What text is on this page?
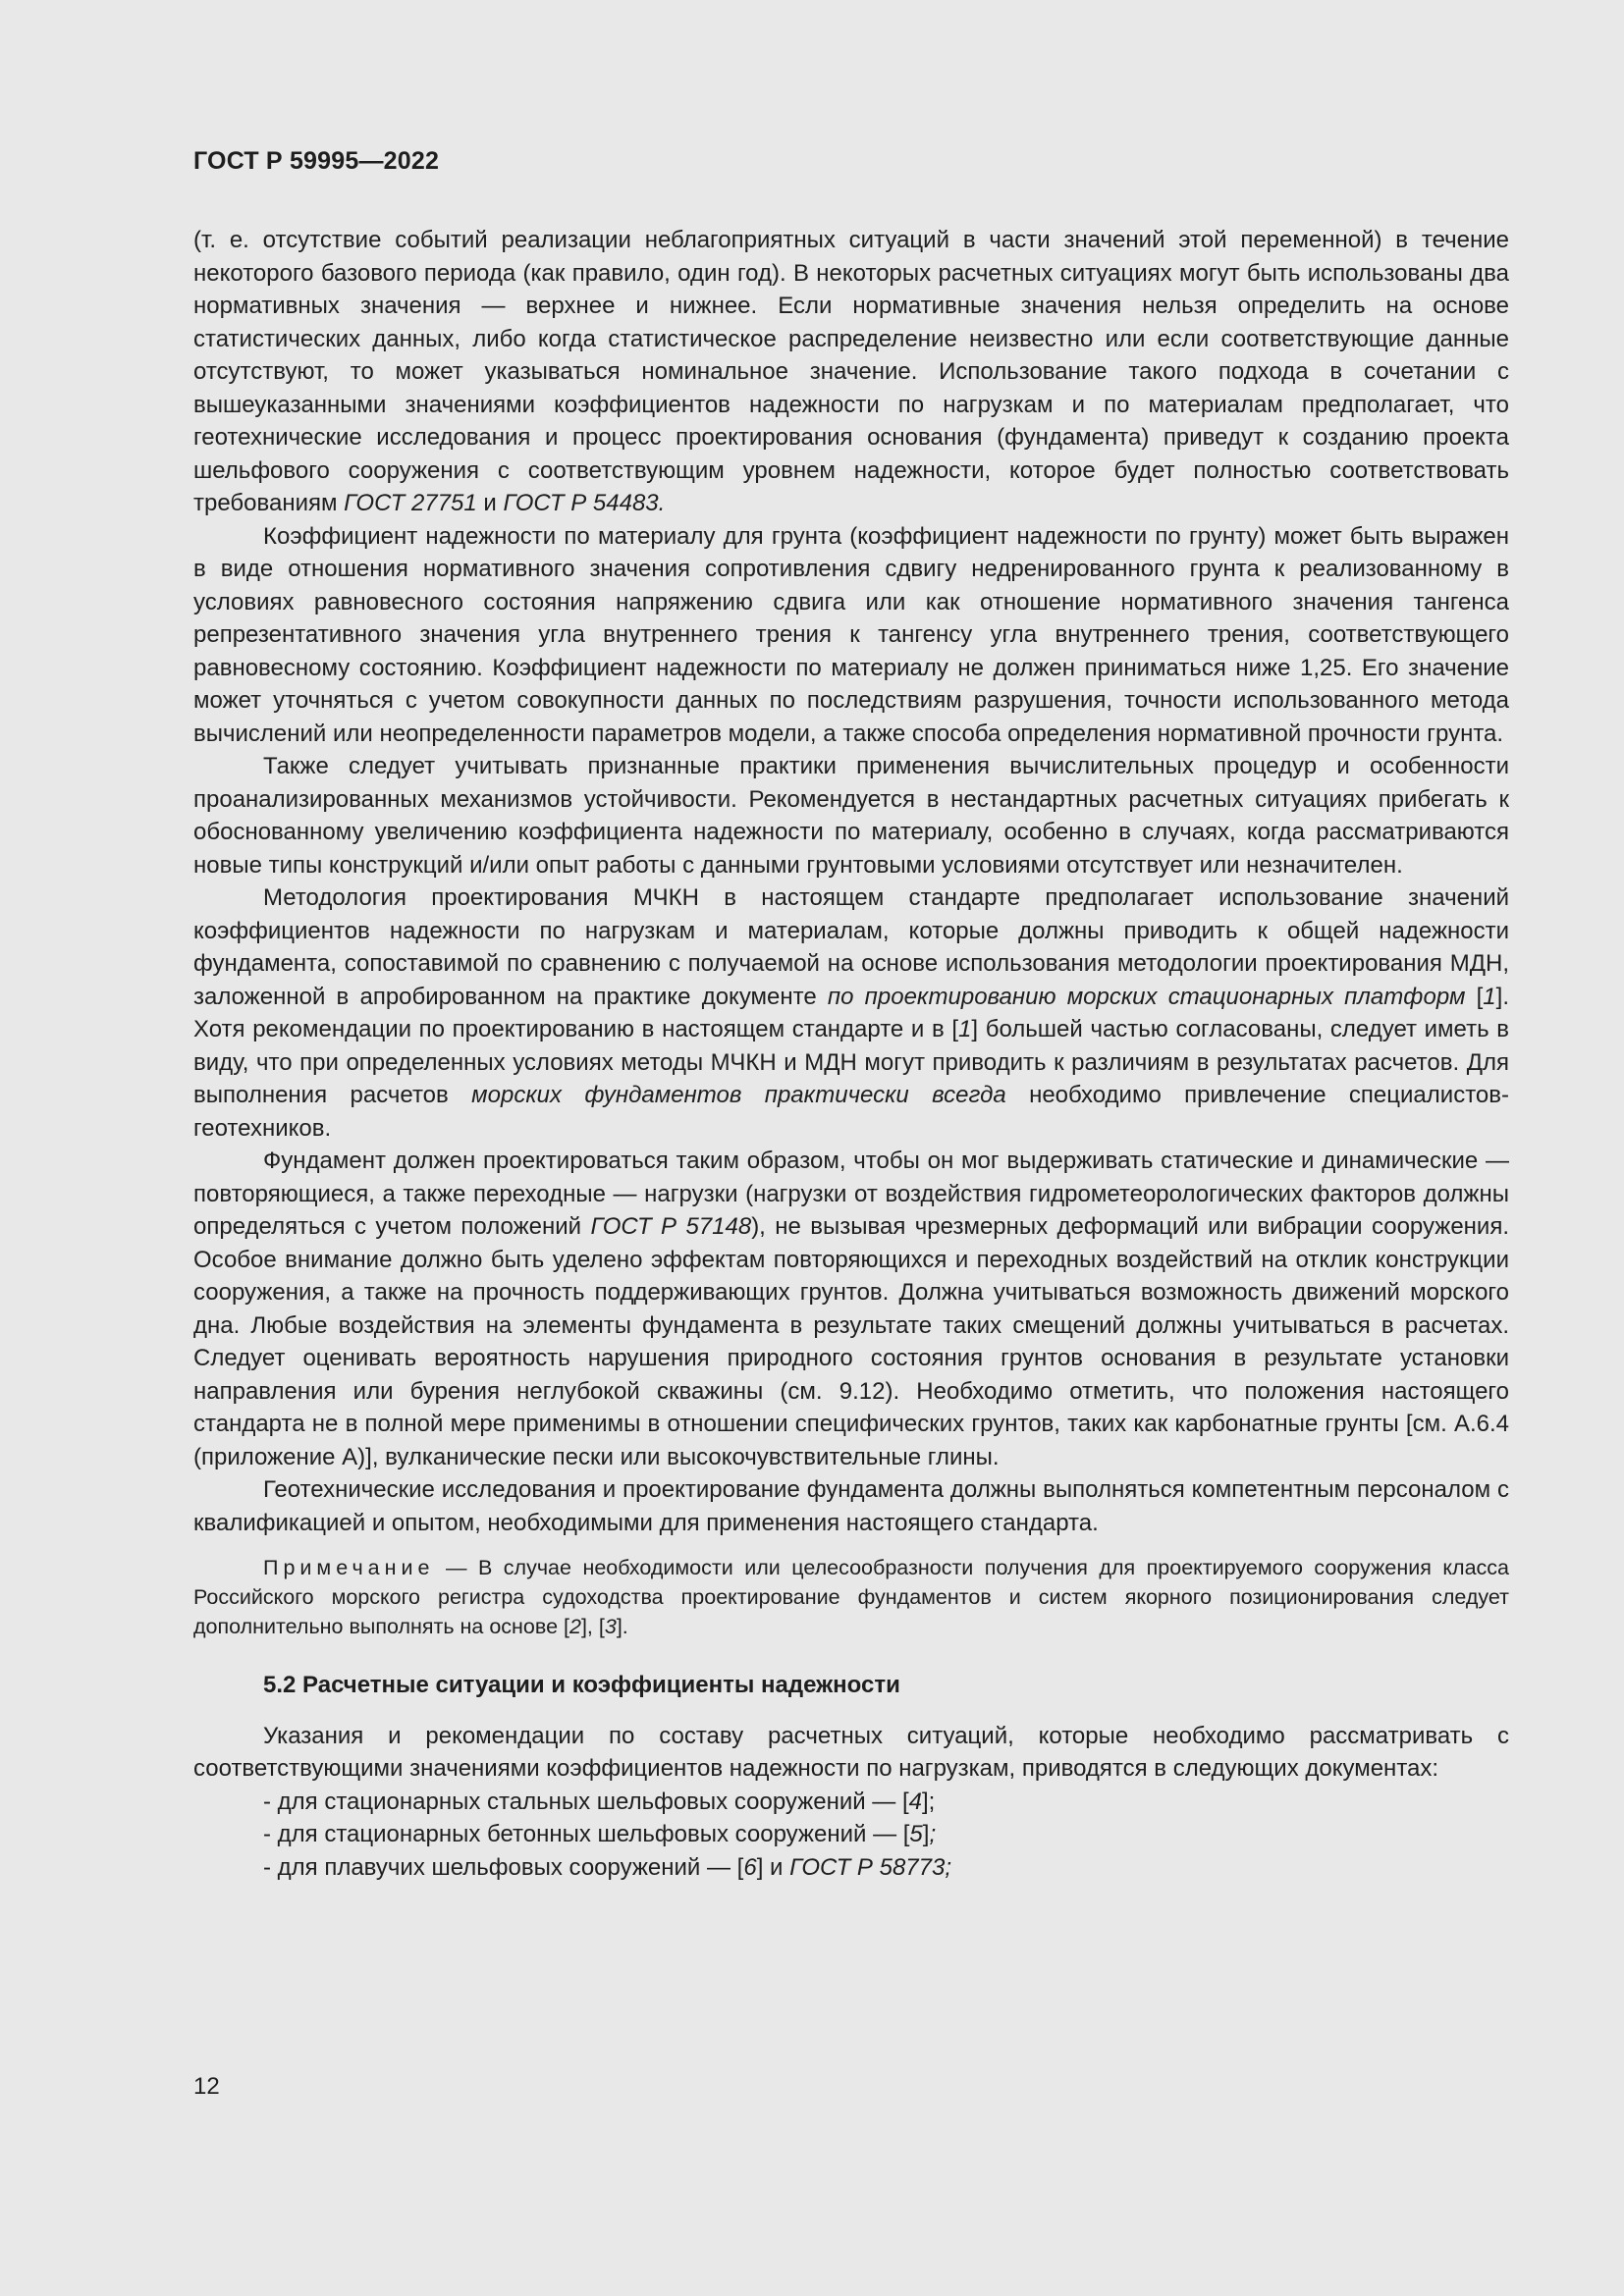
ГОСТ Р 59995—2022

(т. е. отсутствие событий реализации неблагоприятных ситуаций в части значений этой переменной) в течение некоторого базового периода (как правило, один год). В некоторых расчетных ситуациях могут быть использованы два нормативных значения — верхнее и нижнее. Если нормативные значения нельзя определить на основе статистических данных, либо когда статистическое распределение неизвестно или если соответствующие данные отсутствуют, то может указываться номинальное значение. Использование такого подхода в сочетании с вышеуказанными значениями коэффициентов надежности по нагрузкам и по материалам предполагает, что геотехнические исследования и процесс проектирования основания (фундамента) приведут к созданию проекта шельфового сооружения с соответствующим уровнем надежности, которое будет полностью соответствовать требованиям ГОСТ 27751 и ГОСТ Р 54483.

Коэффициент надежности по материалу для грунта (коэффициент надежности по грунту) может быть выражен в виде отношения нормативного значения сопротивления сдвигу недренированного грунта к реализованному в условиях равновесного состояния напряжению сдвига или как отношение нормативного значения тангенса репрезентативного значения угла внутреннего трения к тангенсу угла внутреннего трения, соответствующего равновесному состоянию. Коэффициент надежности по материалу не должен приниматься ниже 1,25. Его значение может уточняться с учетом совокупности данных по последствиям разрушения, точности использованного метода вычислений или неопределенности параметров модели, а также способа определения нормативной прочности грунта.

Также следует учитывать признанные практики применения вычислительных процедур и особенности проанализированных механизмов устойчивости. Рекомендуется в нестандартных расчетных ситуациях прибегать к обоснованному увеличению коэффициента надежности по материалу, особенно в случаях, когда рассматриваются новые типы конструкций и/или опыт работы с данными грунтовыми условиями отсутствует или незначителен.

Методология проектирования МЧКН в настоящем стандарте предполагает использование значений коэффициентов надежности по нагрузкам и материалам, которые должны приводить к общей надежности фундамента, сопоставимой по сравнению с получаемой на основе использования методологии проектирования МДН, заложенной в апробированном на практике документе по проектированию морских стационарных платформ [1]. Хотя рекомендации по проектированию в настоящем стандарте и в [1] большей частью согласованы, следует иметь в виду, что при определенных условиях методы МЧКН и МДН могут приводить к различиям в результатах расчетов. Для выполнения расчетов морских фундаментов практически всегда необходимо привлечение специалистов-геотехников.

Фундамент должен проектироваться таким образом, чтобы он мог выдерживать статические и динамические — повторяющиеся, а также переходные — нагрузки (нагрузки от воздействия гидрометеорологических факторов должны определяться с учетом положений ГОСТ Р 57148), не вызывая чрезмерных деформаций или вибрации сооружения. Особое внимание должно быть уделено эффектам повторяющихся и переходных воздействий на отклик конструкции сооружения, а также на прочность поддерживающих грунтов. Должна учитываться возможность движений морского дна. Любые воздействия на элементы фундамента в результате таких смещений должны учитываться в расчетах. Следует оценивать вероятность нарушения природного состояния грунтов основания в результате установки направления или бурения неглубокой скважины (см. 9.12). Необходимо отметить, что положения настоящего стандарта не в полной мере применимы в отношении специфических грунтов, таких как карбонатные грунты [см. А.6.4 (приложение А)], вулканические пески или высокочувствительные глины.

Геотехнические исследования и проектирование фундамента должны выполняться компетентным персоналом с квалификацией и опытом, необходимыми для применения настоящего стандарта.

Примечание — В случае необходимости или целесообразности получения для проектируемого сооружения класса Российского морского регистра судоходства проектирование фундаментов и систем якорного позиционирования следует дополнительно выполнять на основе [2], [3].

5.2 Расчетные ситуации и коэффициенты надежности

Указания и рекомендации по составу расчетных ситуаций, которые необходимо рассматривать с соответствующими значениями коэффициентов надежности по нагрузкам, приводятся в следующих документах:

- для стационарных стальных шельфовых сооружений — [4];
- для стационарных бетонных шельфовых сооружений — [5];
- для плавучих шельфовых сооружений — [6] и ГОСТ Р 58773;
12
